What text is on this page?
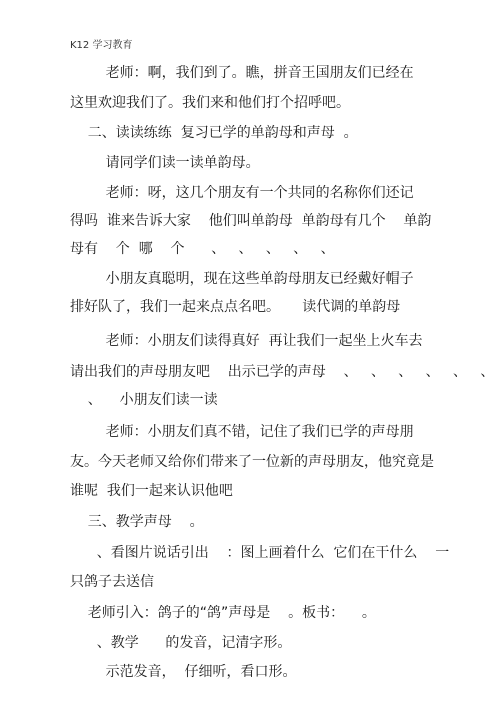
K12 学习教育
老师：啊，我们到了。瞧，拼音王国朋友们已经在
这里欢迎我们了。我们来和他们打个招呼吧。
二、读读练练  复习已学的单韵母和声母  。
请同学们读一读单韵母。
老师：呀，这几个朋友有一个共同的名称你们还记
得吗  谁来告诉大家    他们叫单韵母  单韵母有几个    单韵
母有    个  哪    个      、   、   、   、   、
小朋友真聪明，现在这些单韵母朋友已经戴好帽子
排好队了，我们一起来点点名吧。     读代调的单韵母
老师：小朋友们读得真好  再让我们一起坐上火车去
请出我们的声母朋友吧    出示已学的声母    、   、   、   、   、   、
、    小朋友们读一读
老师：小朋友们真不错，记住了我们已学的声母朋
友。今天老师又给你们带来了一位新的声母朋友，他究竟是
谁呢  我们一起来认识他吧
三、教学声母    。
、看图片说话引出    ：图上画着什么  它们在干什么    一
只鸽子去送信
老师引入：鸽子的“鸽”声母是    。板书：    。
、教学      的发音，记清字形。
示范发音，  仔细听，看口形。
